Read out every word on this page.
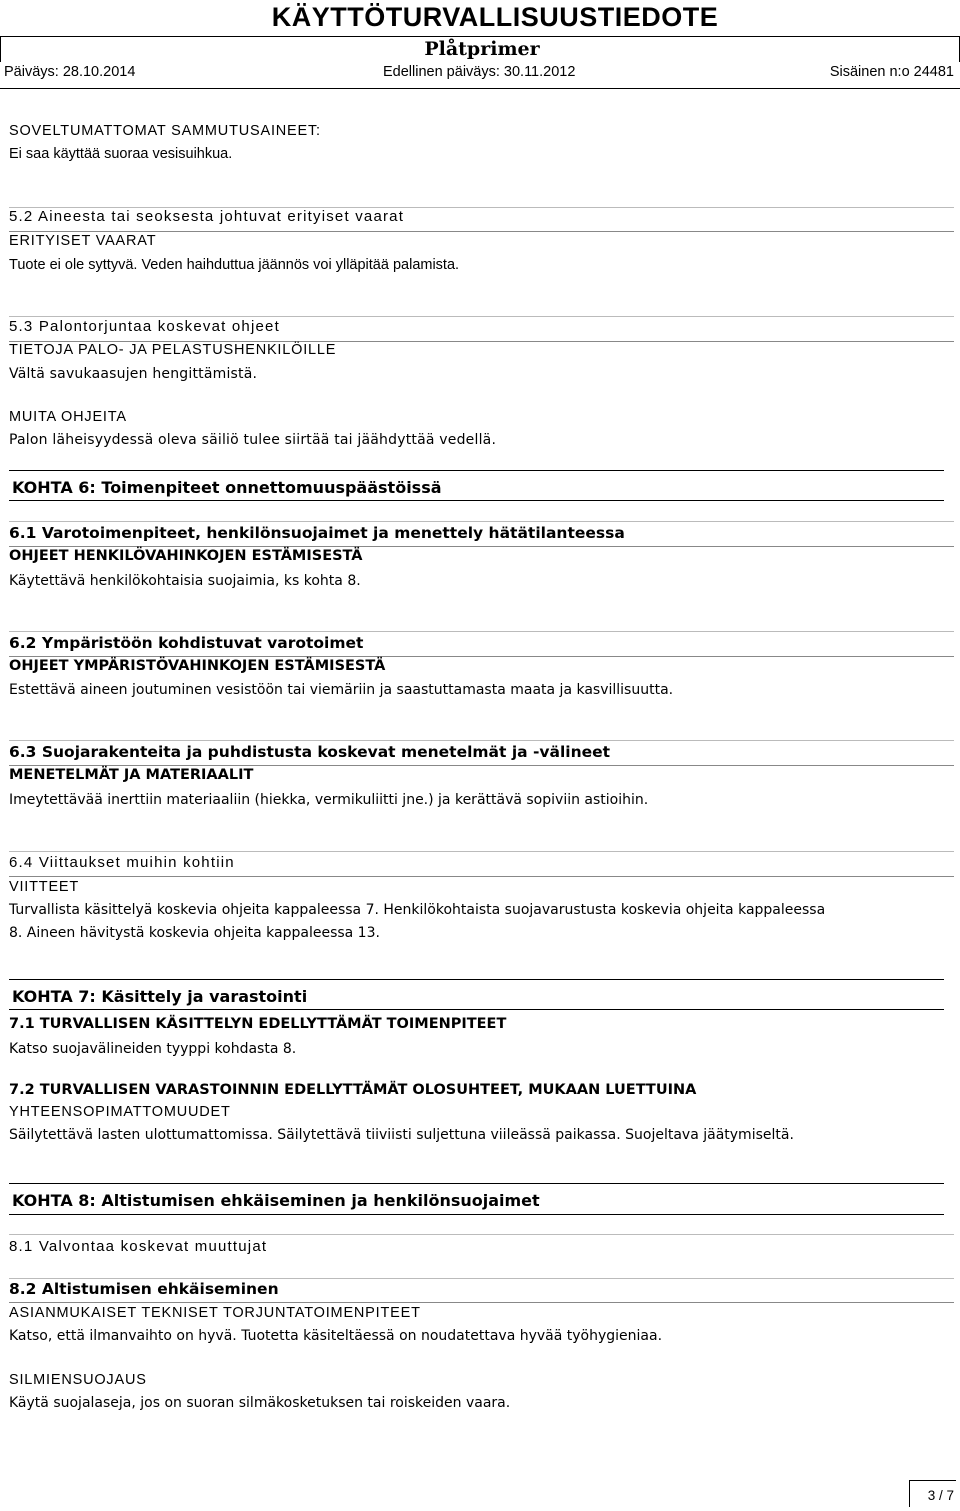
KÄYTTÖTURVALLISUUSTIEDOTE
Plåtprimer
Päiväys: 28.10.2014	Edellinen päiväys: 30.11.2012	Sisäinen n:o 24481
SOVELTUMATTOMAT SAMMUTUSAINEET:
Ei saa käyttää suoraa vesisuihkua.
5.2 Aineesta tai seoksesta johtuvat erityiset vaarat
ERITYISET VAARAT
Tuote ei ole syttyvä. Veden haihduttua jäännös voi ylläpitää palamista.
5.3 Palontorjuntaa koskevat ohjeet
TIETOJA PALO- JA PELASTUSHENKILÖILLE
Vältä savukaasujen hengittämistä.
MUITA OHJEITA
Palon läheisyydessä oleva säiliö tulee siirtää tai jäähdyttää vedellä.
KOHTA 6: Toimenpiteet onnettomuuspäästöissä
6.1 Varotoimenpiteet, henkilönsuojaimet ja menettely hätätilanteessa
OHJEET HENKILÖVAHINKOJEN ESTÄMISESTÄ
Käytettävä henkilökohtaisia suojaimia, ks kohta 8.
6.2 Ympäristöön kohdistuvat varotoimet
OHJEET YMPÄRISTÖVAHINKOJEN ESTÄMISESTÄ
Estettävä aineen joutuminen vesistöön tai viemäriin ja saastuttamasta maata ja kasvillisuutta.
6.3 Suojarakenteita ja puhdistusta koskevat menetelmät ja -välineet
MENETELMÄT JA MATERIAALIT
Imeytettävää inerttiin materiaaliin (hiekka, vermikuliitti jne.) ja kerättävä sopiviin astioihin.
6.4 Viittaukset muihin kohtiin
VIITTEET
Turvallista käsittelyä koskevia ohjeita kappaleessa 7. Henkilökohtaista suojavarustusta koskevia ohjeita kappaleessa
8. Aineen hävitystä koskevia ohjeita kappaleessa 13.
KOHTA 7: Käsittely ja varastointi
7.1 TURVALLISEN KÄSITTELYN EDELLYTTÄMÄT TOIMENPITEET
Katso suojavälineiden tyyppi kohdasta 8.
7.2 TURVALLISEN VARASTOINNIN EDELLYTTÄMÄT OLOSUHTEET, MUKAAN LUETTUINA
YHTEENSOPIMATTOMUUDET
Säilytettävä lasten ulottumattomissa. Säilytettävä tiiviisti suljettuna viileässä paikassa. Suojeltava jäätymiseltä.
KOHTA 8: Altistumisen ehkäiseminen ja henkilönsuojaimet
8.1 Valvontaa koskevat muuttujat
8.2 Altistumisen ehkäiseminen
ASIANMUKAISET TEKNISET TORJUNTATOIMENPITEET
Katso, että ilmanvaihto on hyvä. Tuotetta käsiteltäessä on noudatettava hyvää työhygieniaa.
SILMIENSUOJAUS
Käytä suojalaseja, jos on suoran silmäkosketuksen tai roiskeiden vaara.
3 / 7
